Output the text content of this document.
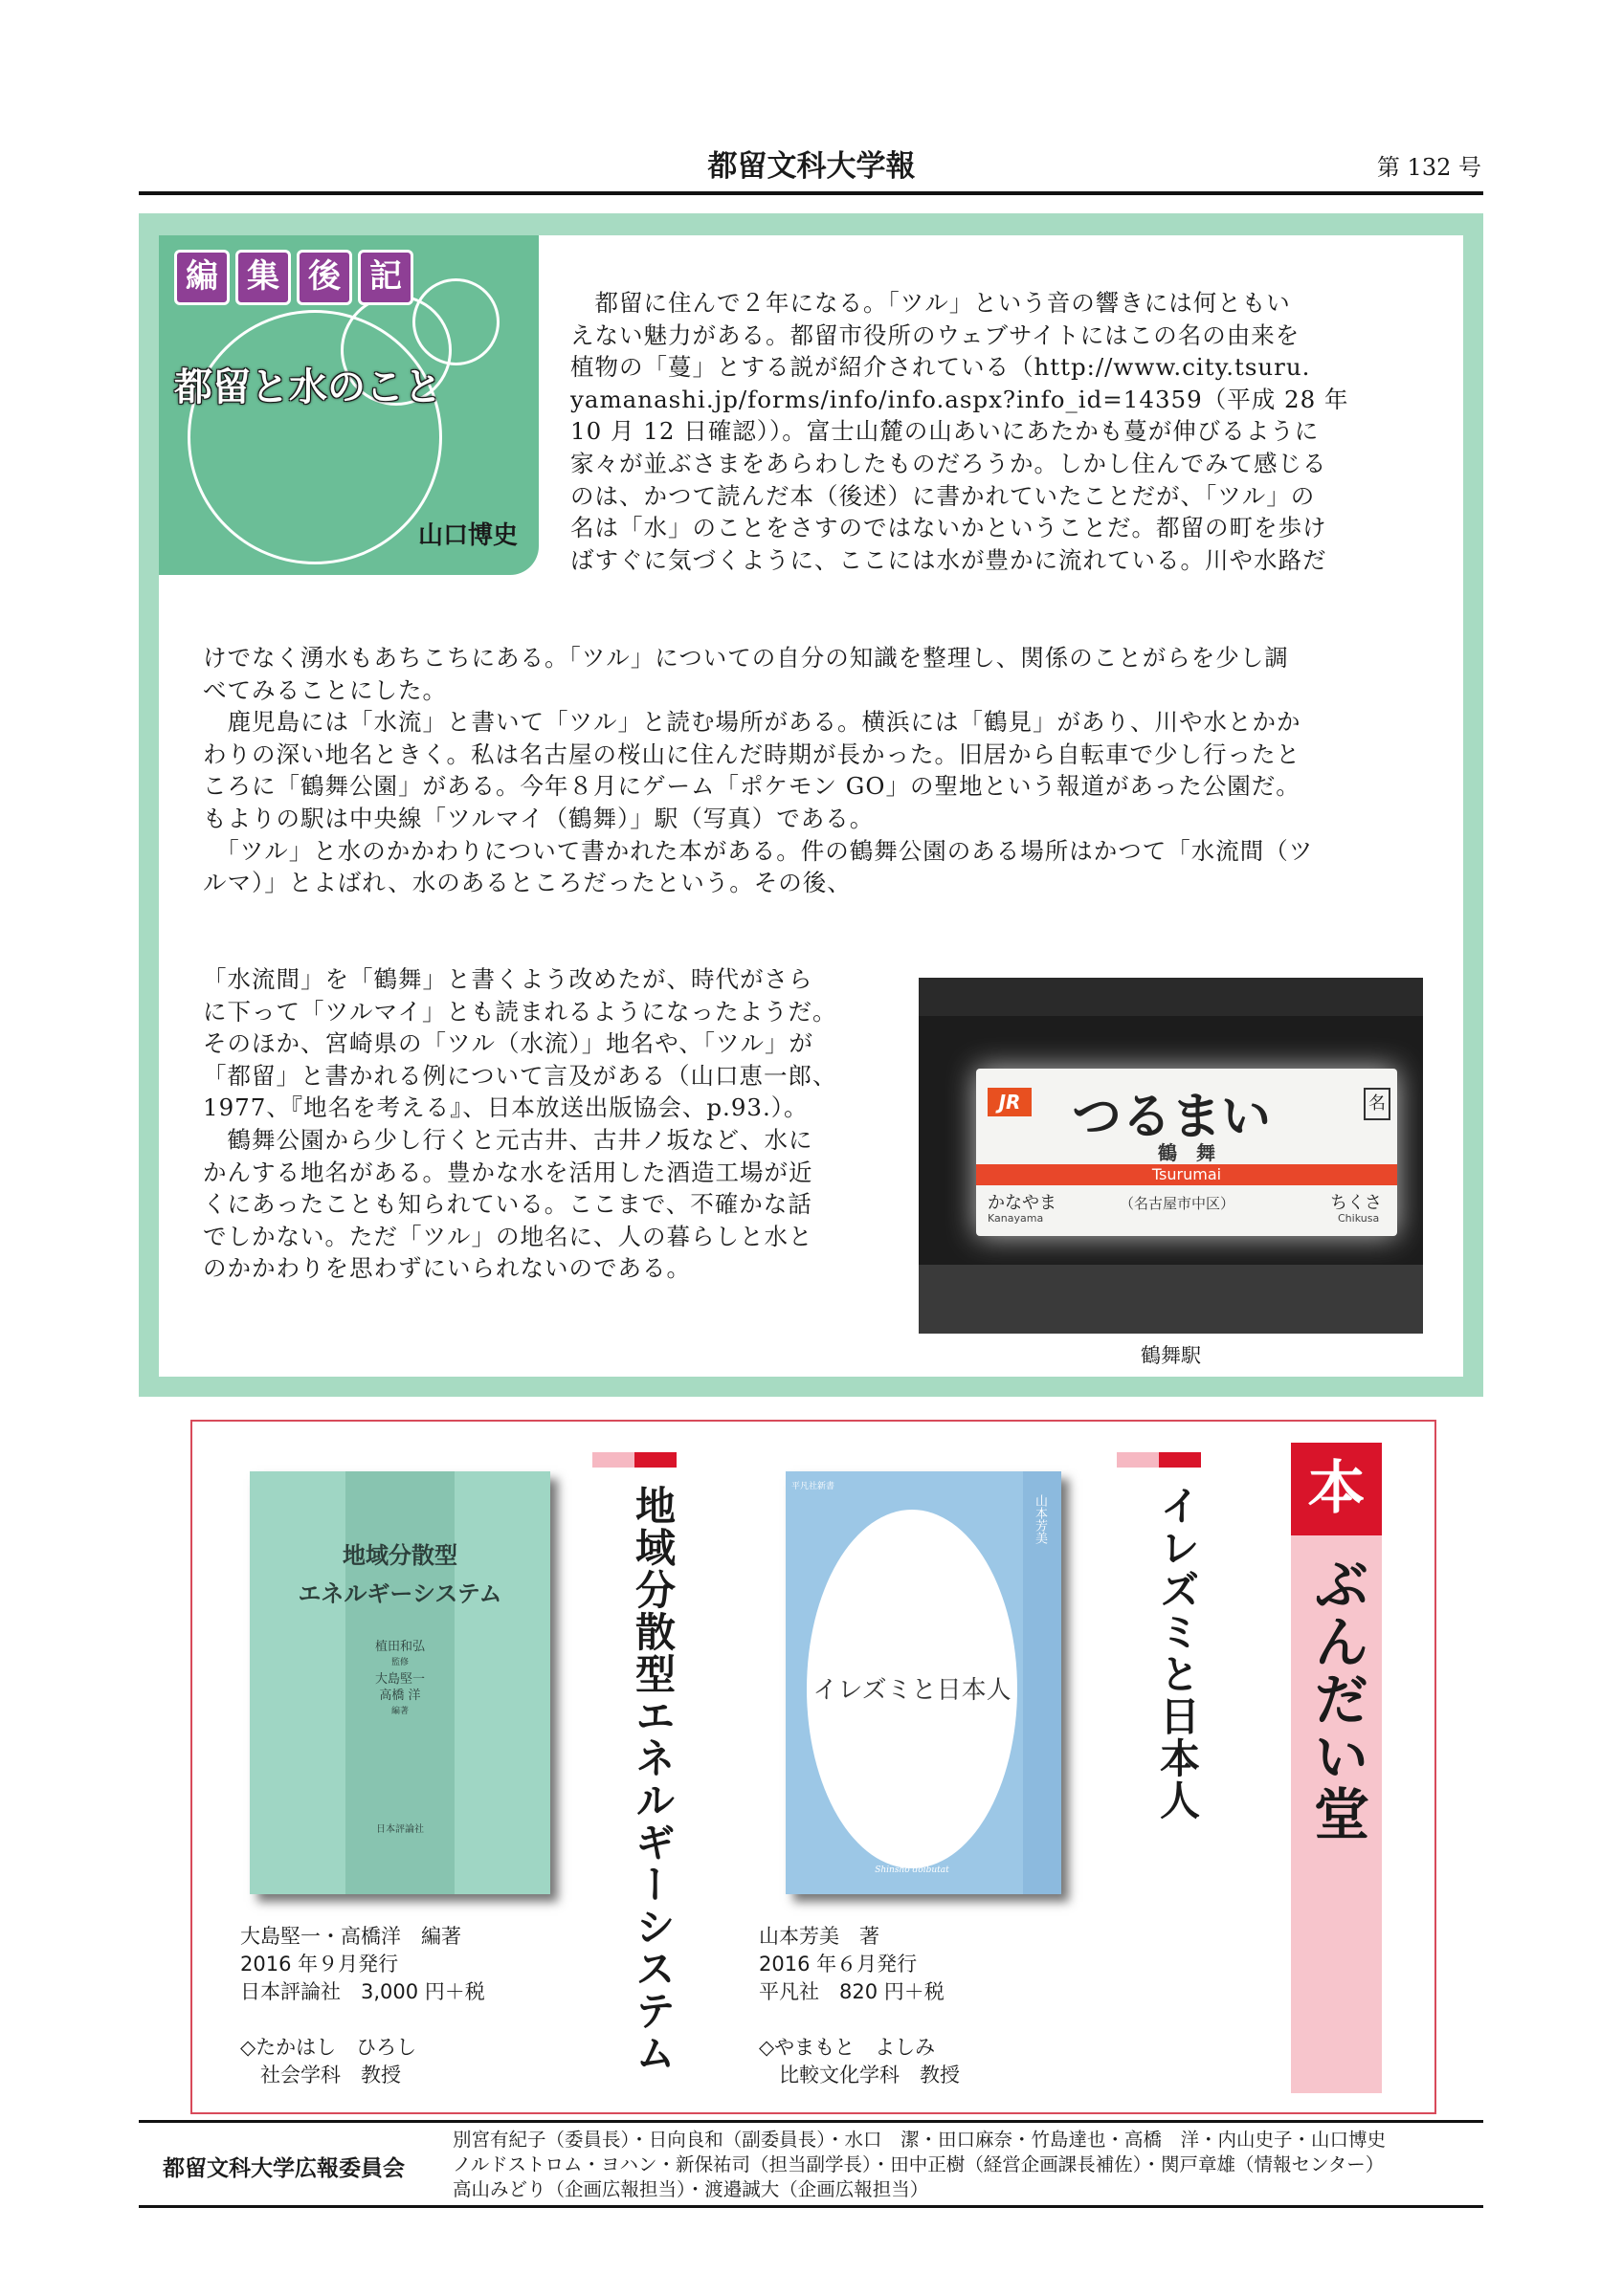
都留文科大学報	第 132 号
編 集 後 記
都留と水のこと
山口博史

　都留に住んで２年になる。「ツル」という音の響きには何ともい

えない魅力がある。都留市役所のウェブサイトにはこの名の由来を

植物の「蔓」とする説が紹介されている（http://www.city.tsuru.

yamanashi.jp/forms/info/info.aspx?info_id=14359（平成 28 年

10 月 12 日確認））。富士山麓の山あいにあたかも蔓が伸びるように

家々が並ぶさまをあらわしたものだろうか。しかし住んでみて感じる

のは、かつて読んだ本（後述）に書かれていたことだが、「ツル」の

名は「水」のことをさすのではないかということだ。都留の町を歩け

ばすぐに気づくように、ここには水が豊かに流れている。川や水路だ

けでなく湧水もあちこちにある。「ツル」についての自分の知識を整理し、関係のことがらを少し調

べてみることにした。

　鹿児島には「水流」と書いて「ツル」と読む場所がある。横浜には「鶴見」があり、川や水とかか

わりの深い地名ときく。私は名古屋の桜山に住んだ時期が長かった。旧居から自転車で少し行ったと

ころに「鶴舞公園」がある。今年８月にゲーム「ポケモン GO」の聖地という報道があった公園だ。

もよりの駅は中央線「ツルマイ（鶴舞）」駅（写真）である。

　「ツル」と水のかかわりについて書かれた本がある。件の鶴舞公園のある場所はかつて「水流間（ツ

ルマ）」とよばれ、水のあるところだったという。その後、

「水流間」を「鶴舞」と書くよう改めたが、時代がさら

に下って「ツルマイ」とも読まれるようになったようだ。

そのほか、宮崎県の「ツル（水流）」地名や、「ツル」が

「都留」と書かれる例について言及がある（山口恵一郎、

1977、『地名を考える』、日本放送出版協会、p.93.）。

　鶴舞公園から少し行くと元古井、古井ノ坂など、水に

かんする地名がある。豊かな水を活用した酒造工場が近

くにあったことも知られている。ここまで、不確かな話

でしかない。ただ「ツル」の地名に、人の暮らしと水と

のかかわりを思わずにいられないのである。

JR つるまい	名
鶴　舞
Tsurumai
かなやま
Kanayama
（名古屋市中区）	ちくさ
Chikusa
鶴舞駅
地域分散型
エネルギーシステム
植田和弘
監修
大島堅一
高橋 洋
編著
日本評論社
大島堅一・高橋洋　編著
2016 年９月発行
日本評論社　3,000 円＋税
◇たかはし　ひろし
　社会学科　教授
地域分散型エネルギーシステム	平凡社新書
山本芳美
イレズミと日本人
Shinsho doibutat
山本芳美　著
2016 年６月発行
平凡社　820 円＋税
◇やまもと　よしみ
　比較文化学科　教授
イレズミと日本人 本
ぶんだい堂
都留文科大学広報委員会
別宮有紀子（委員長）・日向良和（副委員長）・水口　潔・田口麻奈・竹島達也・高橋　洋・内山史子・山口博史
ノルドストロム・ヨハン・新保祐司（担当副学長）・田中正樹（経営企画課長補佐）・関戸章雄（情報センター）
高山みどり（企画広報担当）・渡邉誠大（企画広報担当）
